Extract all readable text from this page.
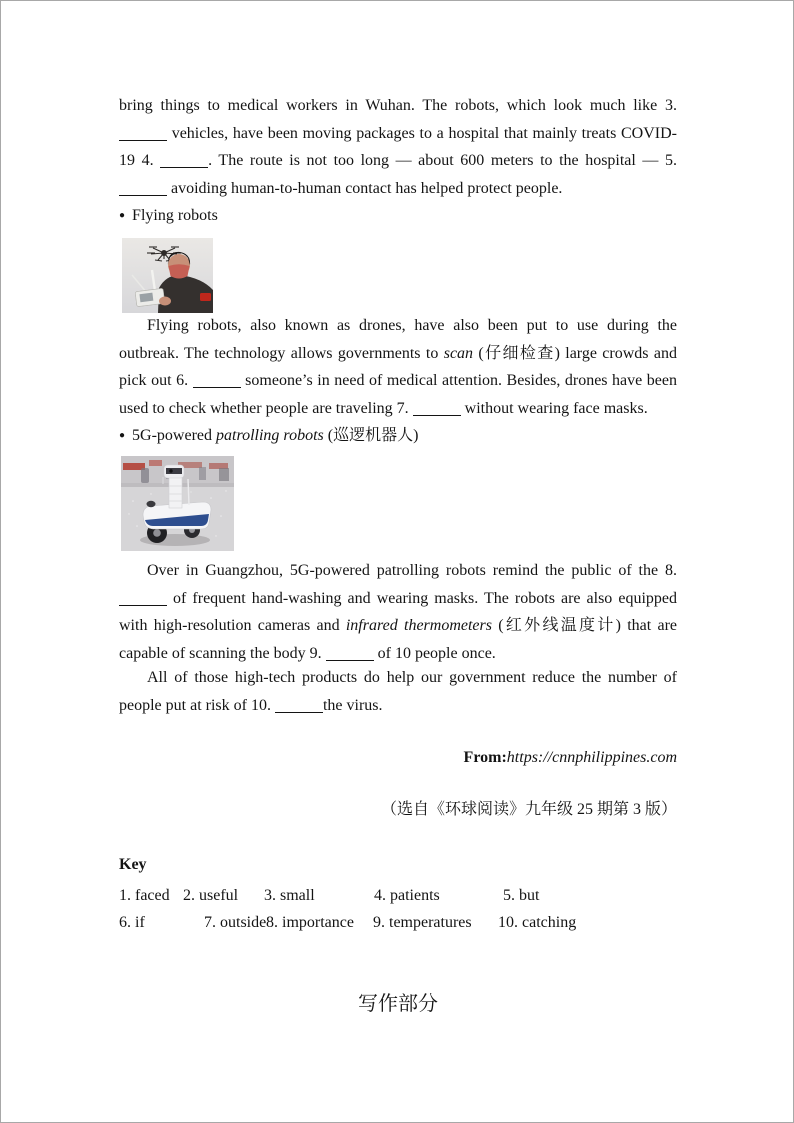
bring things to medical workers in Wuhan. The robots, which look much like 3.  vehicles, have been moving packages to a hospital that mainly treats COVID-19 4.	. The route is not too long — about 600 meters to the hospital — 5.  avoiding human-to-human contact has helped protect people.

● Flying robots

Flying robots, also known as drones, have also been put to use during the outbreak. The technology allows governments to scan (仔细检查) large crowds and pick out 6.	someone’s in need of medical attention. Besides, drones have been used to check whether people are traveling 7.	without wearing face masks.

● 5G-powered patrolling robots (巡逻机器人)

Over in Guangzhou, 5G-powered patrolling robots remind the public of the 8.  of frequent hand-washing and wearing masks. The robots are also equipped with high-resolution cameras and infrared thermometers (红外线温度计) that are capable of scanning the body 9.	of 10 people once.

All of those high-tech products do help our government reduce the number of people put at risk of 10.	the virus.

From:https://cnnphilippines.com

（选自《环球阅读》九年级 25 期第 3 版）

Key

1. faced 2. useful 3. small	4. patients	5. but
6. if	7. outside 8. importance 9. temperatures 10. catching
写作部分
